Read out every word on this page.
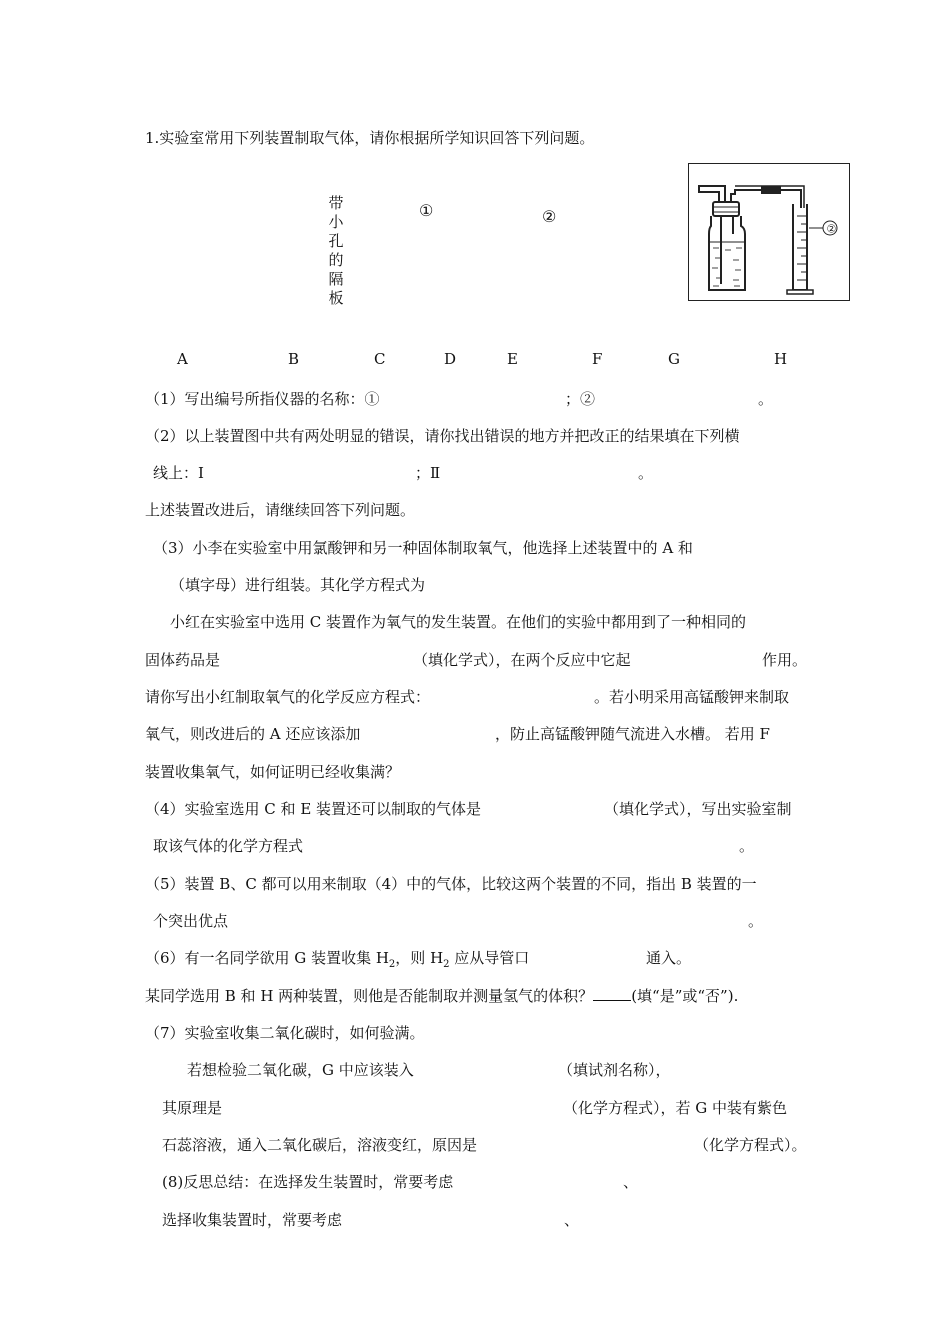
1.实验室常用下列装置制取气体，请你根据所学知识回答下列问题。
带小孔的隔板
①	②
②
A	B	C	D	E	F	G	H
（1）写出编号所指仪器的名称：①	；②	。
（2）以上装置图中共有两处明显的错误，请你找出错误的地方并把改正的结果填在下列横
线上：Ⅰ	；Ⅱ	。
上述装置改进后，请继续回答下列问题。
（3）小李在实验室中用氯酸钾和另一种固体制取氧气，他选择上述装置中的 A 和
（填字母）进行组装。其化学方程式为
小红在实验室中选用 C 装置作为氧气的发生装置。在他们的实验中都用到了一种相同的
固体药品是	（填化学式），在两个反应中它起	作用。
请你写出小红制取氧气的化学反应方程式：	。若小明采用高锰酸钾来制取
氧气，则改进后的 A 还应该添加	，防止高锰酸钾随气流进入水槽。 若用 F
装置收集氧气，如何证明已经收集满？
（4）实验室选用 C 和 E 装置还可以制取的气体是	（填化学式），写出实验室制
取该气体的化学方程式	。
（5）装置 B、C 都可以用来制取（4）中的气体，比较这两个装置的不同，指出 B 装置的一
个突出优点	。
（6）有一名同学欲用 G 装置收集 $H_2$，则 $H_2$ 应从导管口	通入。
某同学选用 B 和 H 两种装置，则他是否能制取并测量氢气的体积？	(填“是”或“否”).
（7）实验室收集二氧化碳时，如何验满。
若想检验二氧化碳，G 中应该装入	（填试剂名称），
其原理是	（化学方程式），若 G 中装有紫色
石蕊溶液，通入二氧化碳后，溶液变红，原因是	（化学方程式）。
(8)反思总结：在选择发生装置时，常要考虑	、
选择收集装置时，常要考虑	、
